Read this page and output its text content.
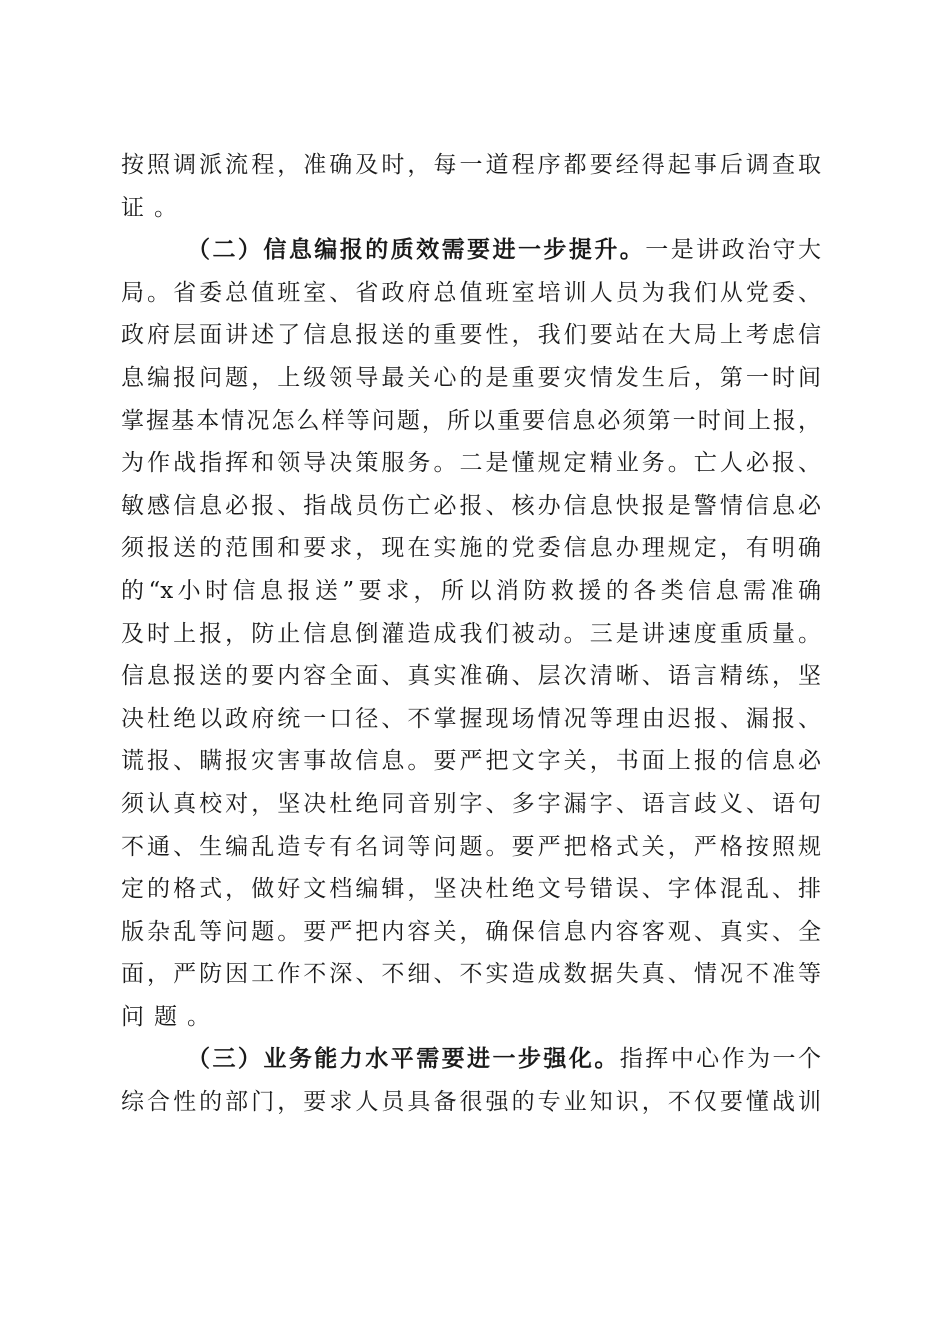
按照调派流程，准确及时，每一道程序都要经得起事后调查取
证。
（二）信息编报的质效需要进一步提升。一是讲政治守大
局。省委总值班室、省政府总值班室培训人员为我们从党委、
政府层面讲述了信息报送的重要性，我们要站在大局上考虑信
息编报问题，上级领导最关心的是重要灾情发生后，第一时间
掌握基本情况怎么样等问题，所以重要信息必须第一时间上报，
为作战指挥和领导决策服务。二是懂规定精业务。亡人必报、
敏感信息必报、指战员伤亡必报、核办信息快报是警情信息必
须报送的范围和要求，现在实施的党委信息办理规定，有明确
的“x小时信息报送”要求，所以消防救援的各类信息需准确
及时上报，防止信息倒灌造成我们被动。三是讲速度重质量。
信息报送的要内容全面、真实准确、层次清晰、语言精练，坚
决杜绝以政府统一口径、不掌握现场情况等理由迟报、漏报、
谎报、瞒报灾害事故信息。要严把文字关，书面上报的信息必
须认真校对，坚决杜绝同音别字、多字漏字、语言歧义、语句
不通、生编乱造专有名词等问题。要严把格式关，严格按照规
定的格式，做好文档编辑，坚决杜绝文号错误、字体混乱、排
版杂乱等问题。要严把内容关，确保信息内容客观、真实、全
面，严防因工作不深、不细、不实造成数据失真、情况不准等
问题。
（三）业务能力水平需要进一步强化。指挥中心作为一个
综合性的部门，要求人员具备很强的专业知识，不仅要懂战训
